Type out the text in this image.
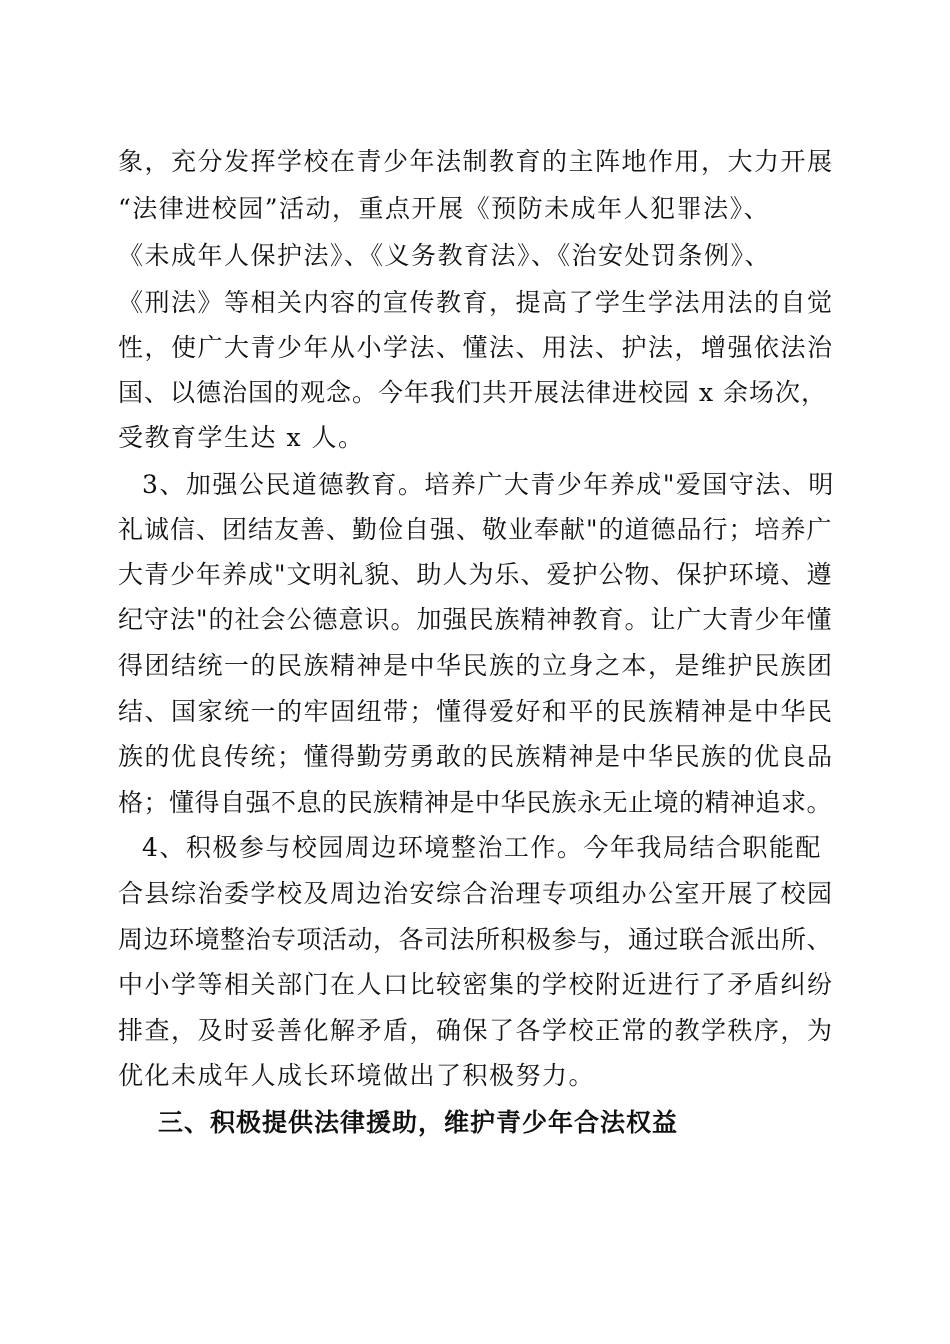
象，充分发挥学校在青少年法制教育的主阵地作用，大力开展
“法律进校园”活动，重点开展《预防未成年人犯罪法》、
《未成年人保护法》、《义务教育法》、《治安处罚条例》、
《刑法》等相关内容的宣传教育，提高了学生学法用法的自觉
性，使广大青少年从小学法、懂法、用法、护法，增强依法治
国、以德治国的观念。今年我们共开展法律进校园 x 余场次，
受教育学生达 x 人。
3、加强公民道德教育。培养广大青少年养成"爱国守法、明
礼诚信、团结友善、勤俭自强、敬业奉献"的道德品行；培养广
大青少年养成"文明礼貌、助人为乐、爱护公物、保护环境、遵
纪守法"的社会公德意识。加强民族精神教育。让广大青少年懂
得团结统一的民族精神是中华民族的立身之本，是维护民族团
结、国家统一的牢固纽带；懂得爱好和平的民族精神是中华民
族的优良传统；懂得勤劳勇敢的民族精神是中华民族的优良品
格；懂得自强不息的民族精神是中华民族永无止境的精神追求。
4、积极参与校园周边环境整治工作。今年我局结合职能配
合县综治委学校及周边治安综合治理专项组办公室开展了校园
周边环境整治专项活动，各司法所积极参与，通过联合派出所、
中小学等相关部门在人口比较密集的学校附近进行了矛盾纠纷
排查，及时妥善化解矛盾，确保了各学校正常的教学秩序，为
优化未成年人成长环境做出了积极努力。
三、积极提供法律援助，维护青少年合法权益
